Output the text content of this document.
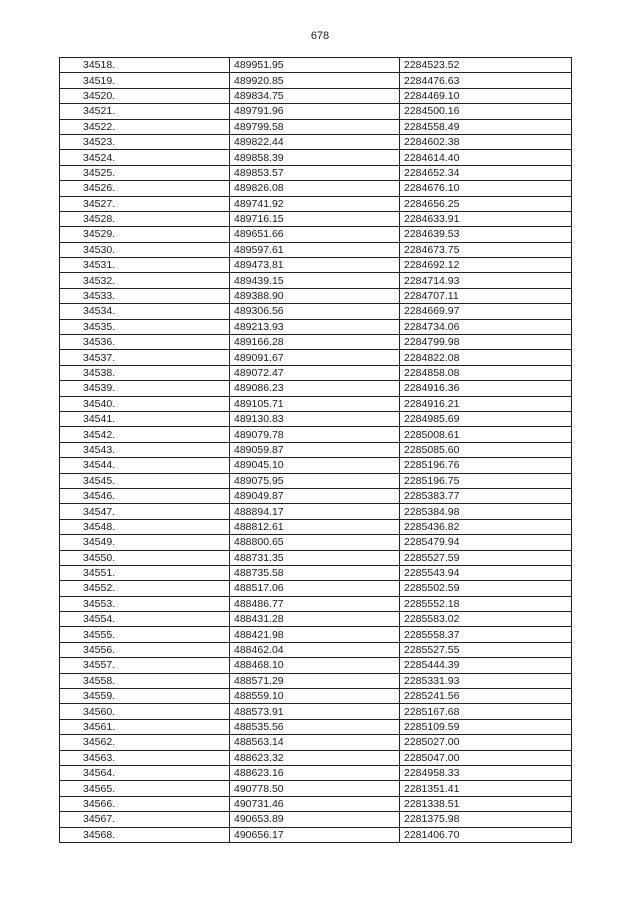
678
34518.	489951.95	2284523.52
34519.	489920.85	2284476.63
34520.	489834.75	2284469.10
34521.	489791.96	2284500.16
34522.	489799.58	2284558.49
34523.	489822.44	2284602.38
34524.	489858.39	2284614.40
34525.	489853.57	2284652.34
34526.	489826.08	2284676.10
34527.	489741.92	2284656.25
34528.	489716.15	2284633.91
34529.	489651.66	2284639.53
34530.	489597.61	2284673.75
34531.	489473.81	2284692.12
34532.	489439.15	2284714.93
34533.	489388.90	2284707.11
34534.	489306.56	2284669.97
34535.	489213.93	2284734.06
34536.	489166.28	2284799.98
34537.	489091.67	2284822.08
34538.	489072.47	2284858.08
34539.	489086.23	2284916.36
34540.	489105.71	2284916.21
34541.	489130.83	2284985.69
34542.	489079.78	2285008.61
34543.	489059.87	2285085.60
34544.	489045.10	2285196.76
34545.	489075.95	2285196.75
34546.	489049.87	2285383.77
34547.	488894.17	2285384.98
34548.	488812.61	2285436.82
34549.	488800.65	2285479.94
34550.	488731.35	2285527.59
34551.	488735.58	2285543.94
34552.	488517.06	2285502.59
34553.	488486.77	2285552.18
34554.	488431.28	2285583.02
34555.	488421.98	2285558.37
34556.	488462.04	2285527.55
34557.	488468.10	2285444.39
34558.	488571.29	2285331.93
34559.	488559.10	2285241.56
34560.	488573.91	2285167.68
34561.	488535.56	2285109.59
34562.	488563.14	2285027.00
34563.	488623.32	2285047.00
34564.	488623.16	2284958.33
34565.	490778.50	2281351.41
34566.	490731.46	2281338.51
34567.	490653.89	2281375.98
34568.	490656.17	2281406.70
